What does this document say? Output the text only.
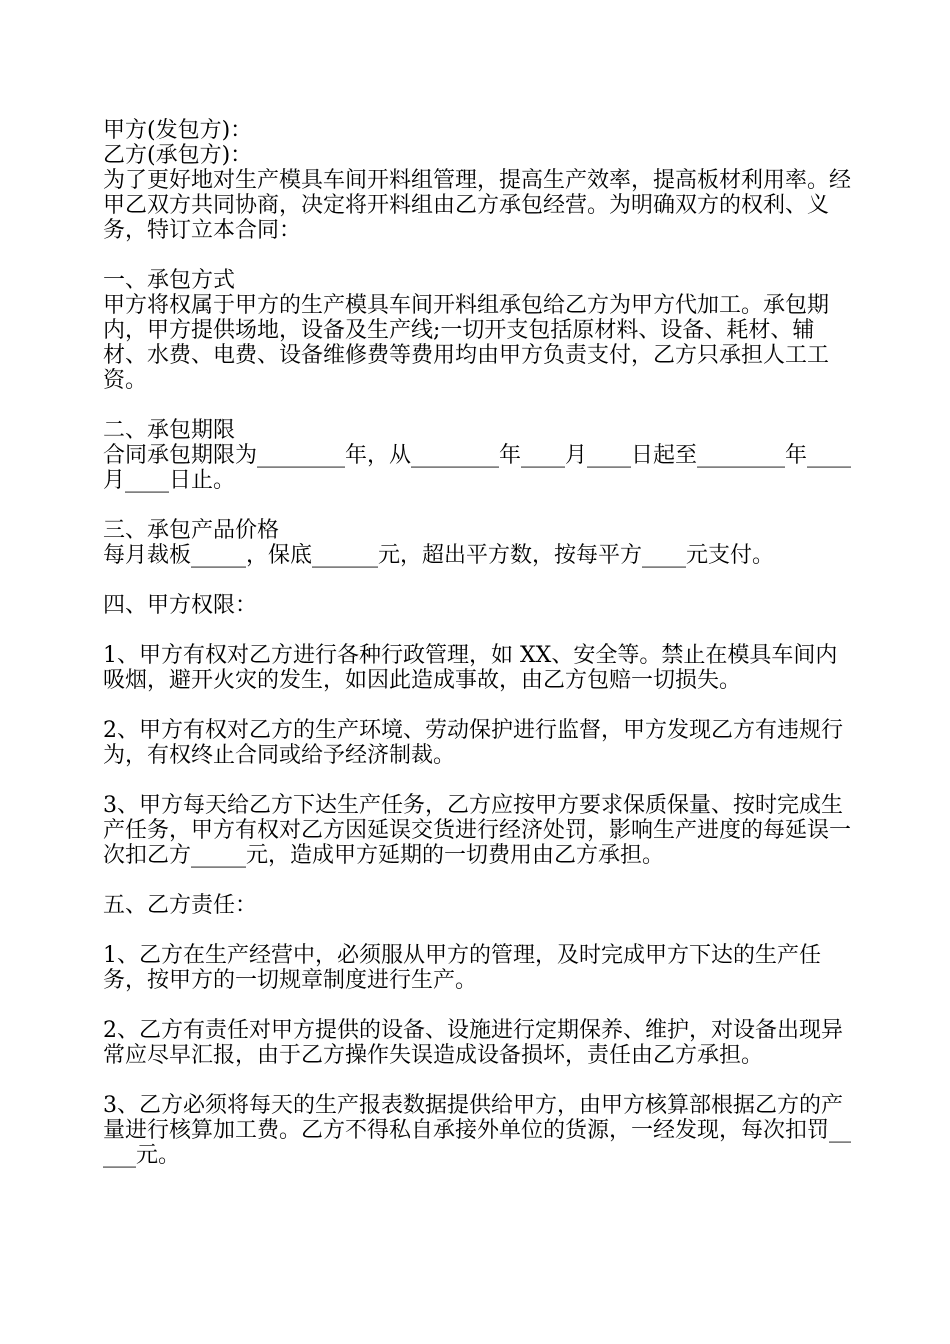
甲方(发包方)：

乙方(承包方)：

为了更好地对生产模具车间开料组管理，提高生产效率，提高板材利用率。经甲乙双方共同协商，决定将开料组由乙方承包经营。为明确双方的权利、义务，特订立本合同：

一、承包方式

甲方将权属于甲方的生产模具车间开料组承包给乙方为甲方代加工。承包期内，甲方提供场地，设备及生产线;一切开支包括原材料、设备、耗材、辅材、水费、电费、设备维修费等费用均由甲方负责支付，乙方只承担人工工资。

二、承包期限

合同承包期限为________年，从________年____月____日起至________年____月____日止。

三、承包产品价格

每月裁板_____，保底______元，超出平方数，按每平方____元支付。

四、甲方权限：

1、甲方有权对乙方进行各种行政管理，如 XX、安全等。禁止在模具车间内吸烟，避开火灾的发生，如因此造成事故，由乙方包赔一切损失。

2、甲方有权对乙方的生产环境、劳动保护进行监督，甲方发现乙方有违规行为，有权终止合同或给予经济制裁。

3、甲方每天给乙方下达生产任务，乙方应按甲方要求保质保量、按时完成生产任务，甲方有权对乙方因延误交货进行经济处罚，影响生产进度的每延误一次扣乙方_____元，造成甲方延期的一切费用由乙方承担。

五、乙方责任：

1、乙方在生产经营中，必须服从甲方的管理，及时完成甲方下达的生产任务，按甲方的一切规章制度进行生产。

2、乙方有责任对甲方提供的设备、设施进行定期保养、维护，对设备出现异常应尽早汇报，由于乙方操作失误造成设备损坏，责任由乙方承担。

3、乙方必须将每天的生产报表数据提供给甲方，由甲方核算部根据乙方的产量进行核算加工费。乙方不得私自承接外单位的货源，一经发现，每次扣罚_____元。
